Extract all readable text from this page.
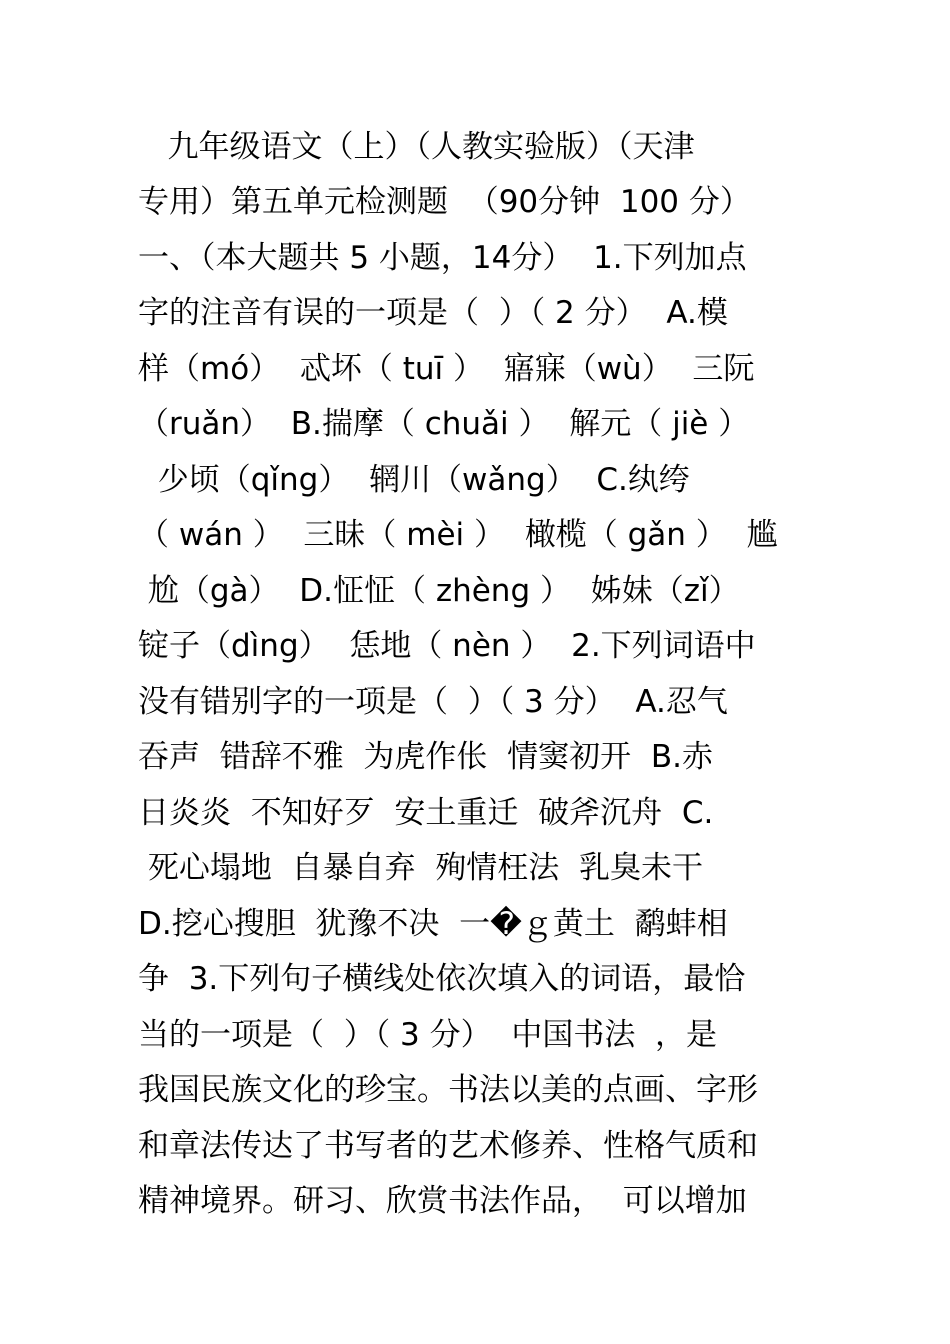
九年级语文（上）（人教实验版）（天津
专用）第五单元检测题  （90分钟  100 分）
一、（本大题共 5 小题，14分）  1.下列加点
字的注音有误的一项是（  ）（ 2 分）  A.模
样（mó）  忒坏（ tuī ）  寤寐（wù）  三阮
（ruǎn）  B.揣摩（ chuǎi ）  解元（ jiè ）
少顷（qǐng）  辋川（wǎng）  C.纨绔
（ wán ）  三昧（ mèi ）  橄榄（ gǎn ）  尴
尬（gà）  D.怔怔（ zhèng ）  姊妹（zǐ）
锭子（dìng）  恁地（ nèn ）  2.下列词语中
没有错别字的一项是（  ）（ 3 分）  A.忍气
吞声  错辞不雅  为虎作伥  情窦初开  B.赤
日炎炎  不知好歹  安土重迁  破斧沉舟  C.
死心塌地  自暴自弃  殉情枉法  乳臭未干
D.挖心搜胆  犹豫不决  一�ｇ黄土  鹬蚌相
争  3.下列句子横线处依次填入的词语，最恰
当的一项是（  ）（ 3 分）  中国书法  ，是
我国民族文化的珍宝。书法以美的点画、字形
和章法传达了书写者的艺术修养、性格气质和
精神境界。研习、欣赏书法作品，  可以增加
